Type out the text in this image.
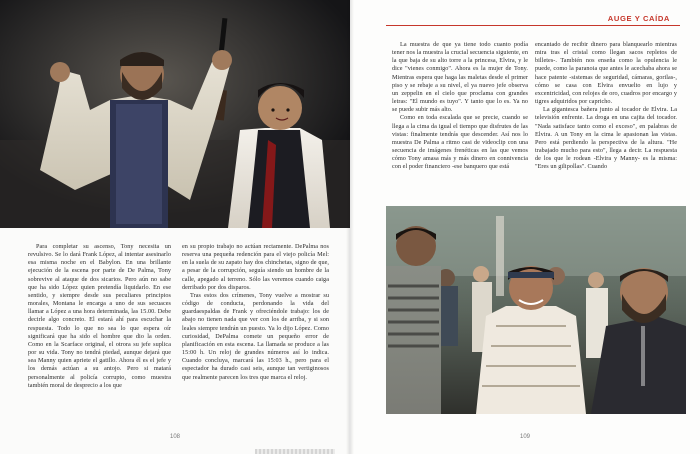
Para completar su ascenso, Tony necesita un revulsivo. Se lo dará Frank López, al intentar asesinarlo esa misma noche en el Babylon. En una brillante ejecución de la escena por parte de De Palma, Tony sobrevive al ataque de dos sicarios. Pero aún no sabe que ha sido López quien pretendía liquidarlo. En ese sentido, y siempre desde sus peculiares principios morales, Montana le encarga a uno de sus secuaces llamar a López a una hora determinada, las 15.00. Debe decirle algo concreto. El estará ahí para escuchar la respuesta. Todo lo que no sea lo que espera oír significará que ha sido el hombre que dio la orden. Como en la Scarface original, el otrora su jefe suplica por su vida. Tony no tendrá piedad, aunque dejará que sea Manny quien apriete el gatillo. Ahora él es el jefe y los demás actúan a su antojo. Pero si matará personalmente al policía corrupto, como muestra también moral de desprecio a los que

en su propio trabajo no actúan rectamente. DePalma nos reserva una pequeña redención para el viejo policía Mel: en la suela de su zapato hay dos chinchetas, signo de que, a pesar de la corrupción, seguía siendo un hombre de la calle, apegado al terreno. Sólo las veremos cuando caiga derribado por dos disparos.

Tras estos dos crímenes, Tony vuelve a mostrar su código de conducta, perdonando la vida del guardaespaldas de Frank y ofreciéndole trabajo: los de abajo no tienen nada que ver con los de arriba, y si son leales siempre tendrán un puesto. Ya lo dijo López. Como curiosidad, DePalma comete un pequeño error de planificación en esta escena. La llamada se produce a las 15:00 h. Un reloj de grandes números así lo indica. Cuando concluya, marcará las 15:03 h., pero para el espectador ha durado casi seis, aunque tan vertiginosos que realmente parecen los tres que marca el reloj.

108
AUGE Y CAÍDA

La muestra de que ya tiene todo cuanto podía tener nos la muestra la crucial secuencia siguiente, en la que baja de su alto torre a la princesa, Elvira, y le dice "vienes conmigo". Ahora es la mujer de Tony. Mientras espera que haga las maletas desde el primer piso y se rebaje a su nivel, el ya nuevo jefe observa un zeppelin en el cielo que proclama con grandes letras: "El mundo es tuyo". Y tanto que lo es. Ya no se puede subir más alto.

Como en toda escalada que se precie, cuando se llega a la cima da igual el tiempo que disfrutes de las vistas: finalmente tendrás que descender. Así nos lo muestra De Palma a ritmo casi de videoclip con una secuencia de imágenes frenéticas en las que vemos cómo Tony amasa más y más dinero en connivencia con el poder financiero -ese banquero que está

encantado de recibir dinero para blanquearlo mientras mira tras el cristal como llegan sacos repletos de billetes-. También nos enseña como la opulencia le puede, como la paranoia que antes le acechaba ahora se hace patente -sistemas de seguridad, cámaras, gorilas-, cómo se casa con Elvira envuelto en lujo y excentricidad, con relojes de oro, cuadros por encargo y tigres adquiridos por capricho.

La gigantesca bañera junto al tocador de Elvira. La televisión enfrente. La droga en una cajita del tocador. "Nada satisface tanto como el exceso", en palabras de Elvira. A un Tony en la cima le apasionan las vistas. Pero está perdiendo la perspectiva de la altura. "He trabajado mucho para esto", llega a decir. La respuesta de los que le rodean -Elvira y Manny- es la misma: "Eres un gilipollas". Cuando

109
